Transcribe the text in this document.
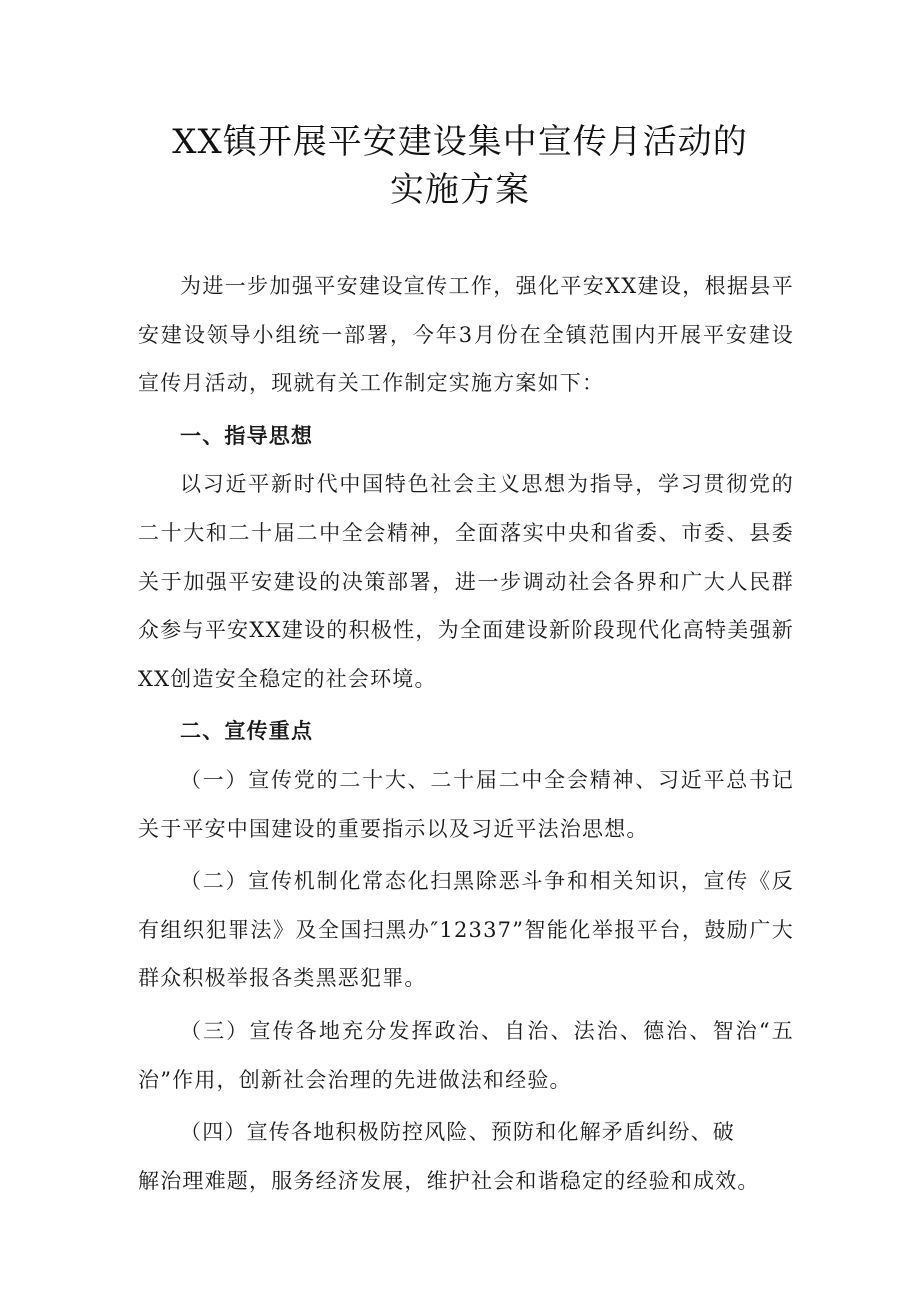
XX镇开展平安建设集中宣传月活动的
实施方案

为进一步加强平安建设宣传工作，强化平安XX建设，根据县平安建设领导小组统一部署，今年3月份在全镇范围内开展平安建设宣传月活动，现就有关工作制定实施方案如下：

一、指导思想

以习近平新时代中国特色社会主义思想为指导，学习贯彻党的二十大和二十届二中全会精神，全面落实中央和省委、市委、县委关于加强平安建设的决策部署，进一步调动社会各界和广大人民群众参与平安XX建设的积极性，为全面建设新阶段现代化高特美强新XX创造安全稳定的社会环境。

二、宣传重点

（一）宣传党的二十大、二十届二中全会精神、习近平总书记关于平安中国建设的重要指示以及习近平法治思想。

（二）宣传机制化常态化扫黑除恶斗争和相关知识，宣传《反有组织犯罪法》及全国扫黑办″12337”智能化举报平台，鼓励广大群众积极举报各类黑恶犯罪。

（三）宣传各地充分发挥政治、自治、法治、德治、智治“五治”作用，创新社会治理的先进做法和经验。

（四）宣传各地积极防控风险、预防和化解矛盾纠纷、破

解治理难题，服务经济发展，维护社会和谐稳定的经验和成效。
